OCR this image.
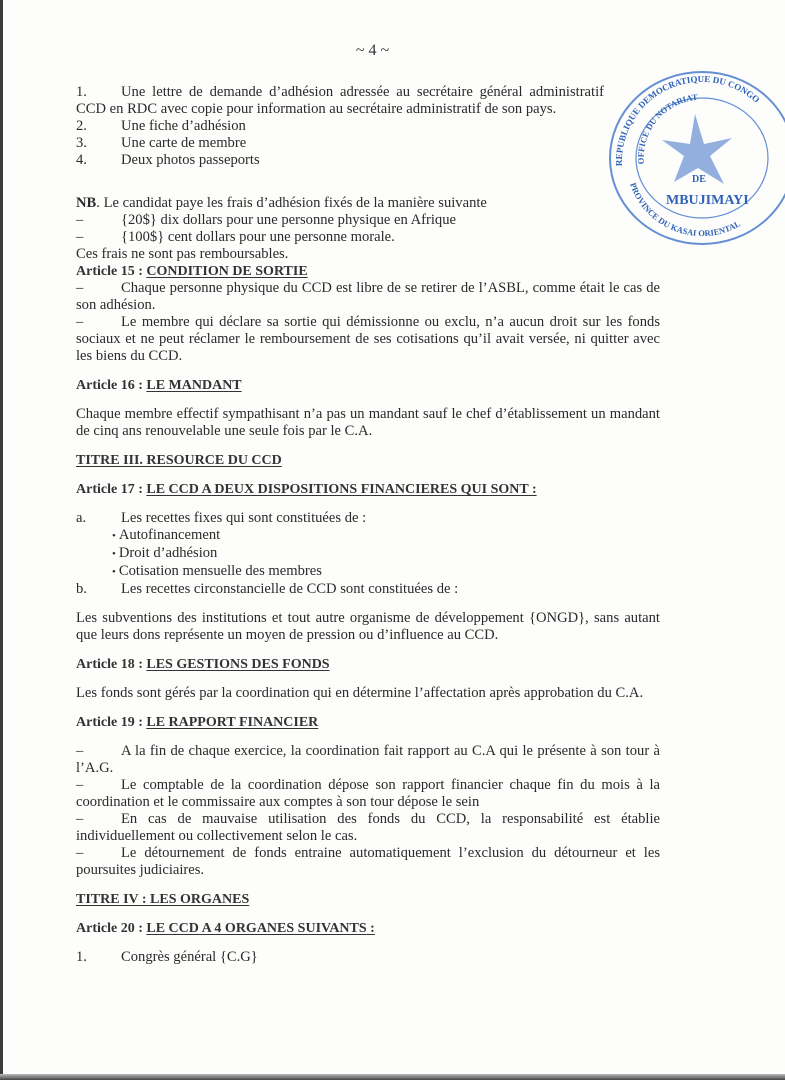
~ 4 ~
REPUBLIQUE DEMOCRATIQUE DU CONGO
OFFICE DU NOTARIAT
PROVINCE DU KASAI ORIENTAL
DE
MBUJIMAYI
1. Une lettre de demande d’adhésion adressée au secrétaire général administratif CCD en RDC avec copie pour information au secrétaire administratif de son pays.
2.	Une fiche d’adhésion
3.	Une carte de membre
4.	Deux photos passeports
NB. Le candidat paye les frais d’adhésion fixés de la manière suivante
–	{20$} dix dollars pour une personne physique en Afrique
–	{100$} cent dollars pour une personne morale.
Ces frais ne sont pas remboursables.
Article 15 : CONDITION DE SORTIE
–	Chaque personne physique du CCD est libre de se retirer de l’ASBL, comme était le cas de son adhésion.
–	Le membre qui déclare sa sortie qui démissionne ou exclu, n’a aucun droit sur les fonds sociaux et ne peut réclamer le remboursement de ses cotisations qu’il avait versée, ni quitter avec les biens du CCD.
Article 16 : LE MANDANT
Chaque membre effectif sympathisant n’a pas un mandant sauf le chef d’établissement un mandant de cinq ans renouvelable une seule fois par le C.A.
TITRE III. RESOURCE DU CCD
Article 17 : LE CCD A DEUX DISPOSITIONS FINANCIERES QUI SONT :
a.	Les recettes fixes qui sont constituées de :
• Autofinancement
• Droit d’adhésion
• Cotisation mensuelle des membres
b.	Les recettes circonstancielle de CCD sont constituées de :
Les subventions des institutions et tout autre organisme de développement {ONGD}, sans autant que leurs dons représente un moyen de pression ou d’influence au CCD.
Article 18 : LES GESTIONS DES FONDS
Les fonds sont gérés par la coordination qui en détermine l’affectation après approbation du C.A.
Article 19 : LE RAPPORT FINANCIER
–	A la fin de chaque exercice, la coordination fait rapport au C.A qui le présente à son tour à l’A.G.
–	Le comptable de la coordination dépose son rapport financier chaque fin du mois à la coordination et le commissaire aux comptes à son tour dépose le sein
–	En cas de mauvaise utilisation des fonds du CCD, la responsabilité est établie individuellement ou collectivement selon le cas.
–	Le détournement de fonds entraine automatiquement l’exclusion du détourneur et les poursuites judiciaires.
TITRE IV : LES ORGANES
Article 20 : LE CCD A 4 ORGANES SUIVANTS :
1.	Congrès général {C.G}
